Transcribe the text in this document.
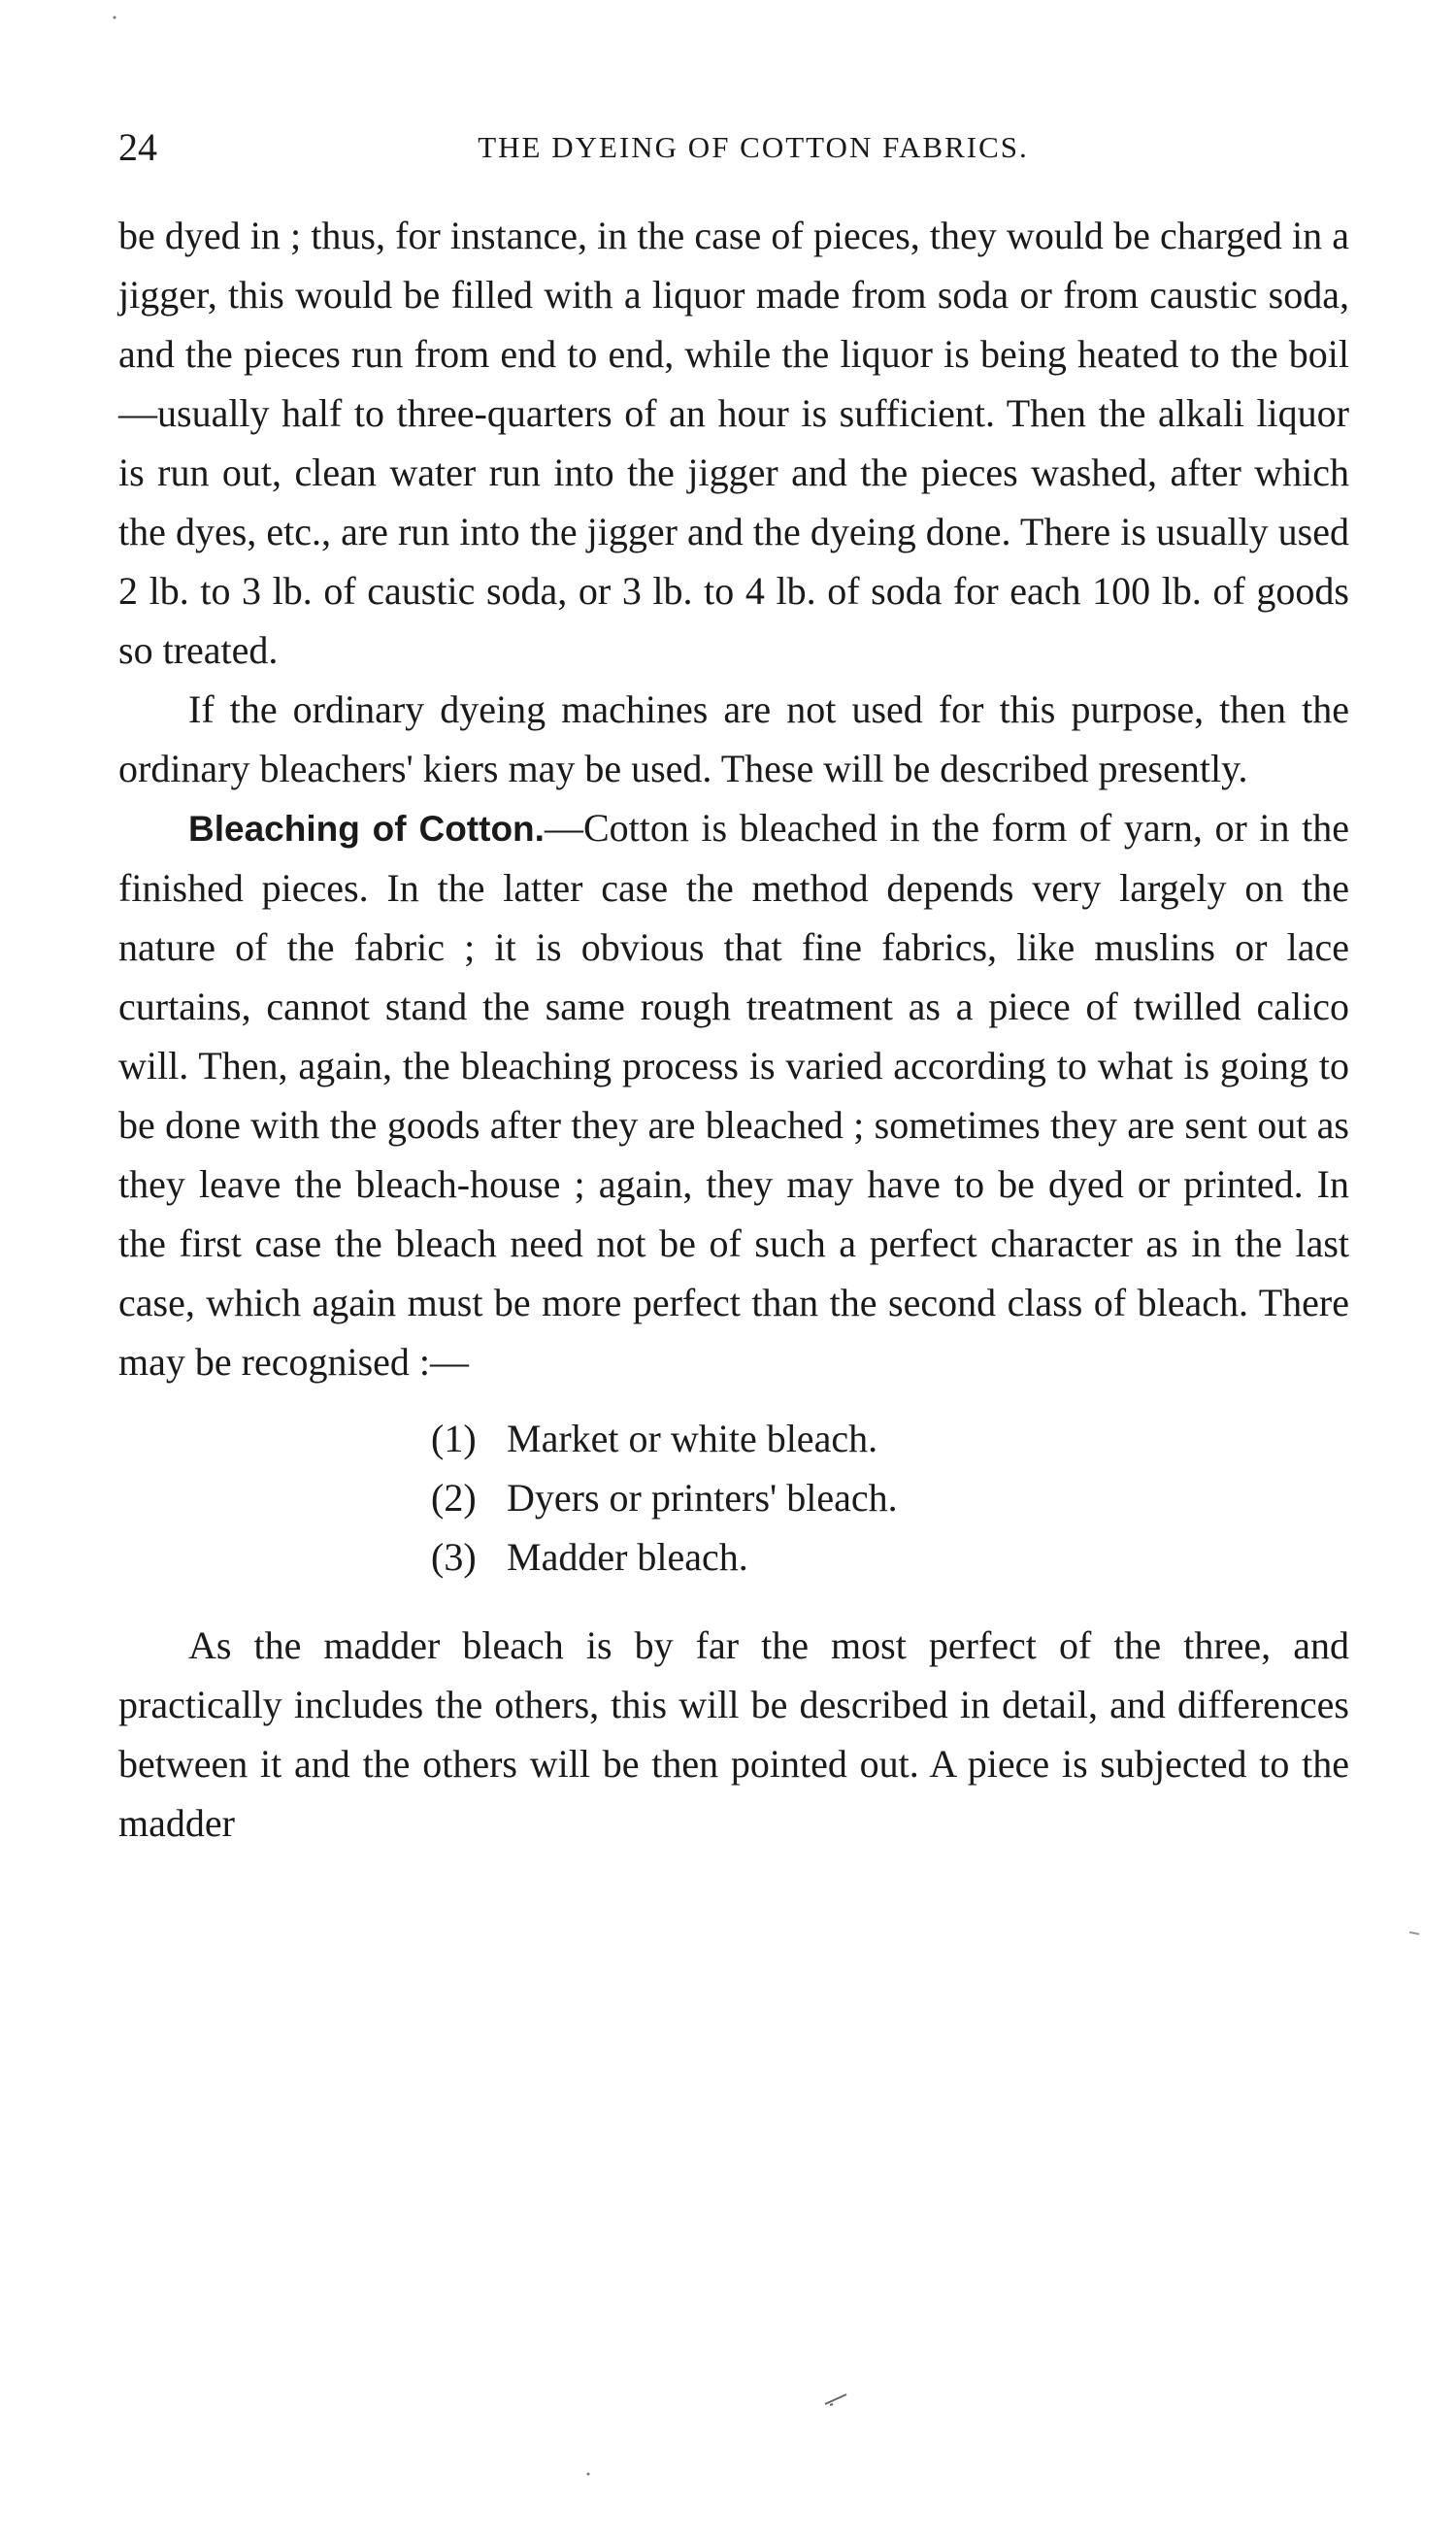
24	THE DYEING OF COTTON FABRICS.

be dyed in ; thus, for instance, in the case of pieces, they would be charged in a jigger, this would be filled with a liquor made from soda or from caustic soda, and the pieces run from end to end, while the liquor is being heated to the boil—usually half to three-quarters of an hour is sufficient. Then the alkali liquor is run out, clean water run into the jigger and the pieces washed, after which the dyes, etc., are run into the jigger and the dyeing done. There is usually used 2 lb. to 3 lb. of caustic soda, or 3 lb. to 4 lb. of soda for each 100 lb. of goods so treated.

If the ordinary dyeing machines are not used for this purpose, then the ordinary bleachers' kiers may be used. These will be described presently.

Bleaching of Cotton.—Cotton is bleached in the form of yarn, or in the finished pieces. In the latter case the method depends very largely on the nature of the fabric ; it is obvious that fine fabrics, like muslins or lace curtains, cannot stand the same rough treatment as a piece of twilled calico will. Then, again, the bleaching process is varied according to what is going to be done with the goods after they are bleached ; sometimes they are sent out as they leave the bleach-house ; again, they may have to be dyed or printed. In the first case the bleach need not be of such a perfect character as in the last case, which again must be more perfect than the second class of bleach. There may be recognised :—

(1) Market or white bleach.
(2) Dyers or printers' bleach.
(3) Madder bleach.

As the madder bleach is by far the most perfect of the three, and practically includes the others, this will be described in detail, and differences between it and the others will be then pointed out. A piece is subjected to the madder
